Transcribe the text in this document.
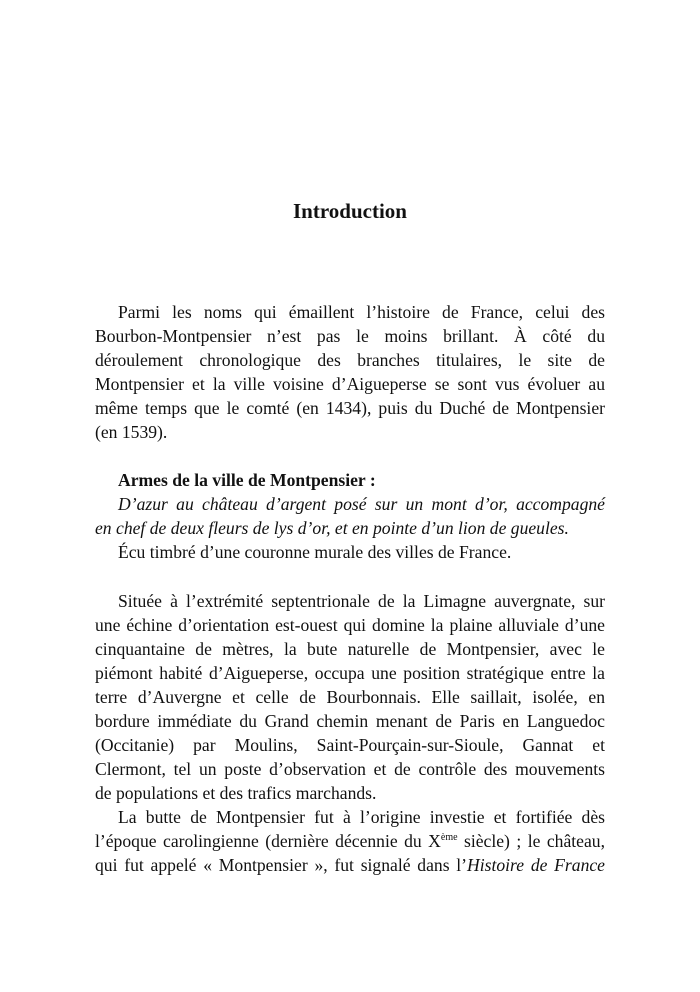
Introduction

Parmi les noms qui émaillent l’histoire de France, celui des

Bourbon-Montpensier n’est pas le moins brillant. À côté du

déroulement chronologique des branches titulaires, le site de

Montpensier et la ville voisine d’Aigueperse se sont vus évoluer au

même temps que le comté (en 1434), puis du Duché de Montpensier

(en 1539).

Armes de la ville de Montpensier :

D’azur au château d’argent posé sur un mont d’or, accompagné

en chef de deux fleurs de lys d’or, et en pointe d’un lion de gueules.

Écu timbré d’une couronne murale des villes de France.

Située à l’extrémité septentrionale de la Limagne auvergnate, sur

une échine d’orientation est-ouest qui domine la plaine alluviale d’une

cinquantaine de mètres, la bute naturelle de Montpensier, avec le

piémont habité d’Aigueperse, occupa une position stratégique entre la

terre d’Auvergne et celle de Bourbonnais. Elle saillait, isolée, en

bordure immédiate du Grand chemin menant de Paris en Languedoc

(Occitanie) par Moulins, Saint-Pourçain-sur-Sioule, Gannat et

Clermont, tel un poste d’observation et de contrôle des mouvements

de populations et des trafics marchands.

La butte de Montpensier fut à l’origine investie et fortifiée dès

l’époque carolingienne (dernière décennie du Xème siècle) ; le château,

qui fut appelé « Montpensier », fut signalé dans l’Histoire de France
